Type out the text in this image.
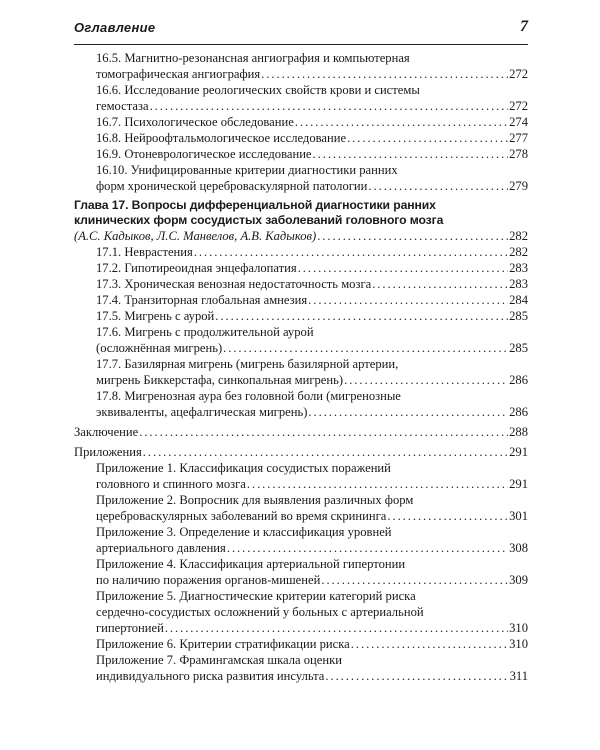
Оглавление	7
16.5. Магнитно-резонансная ангиография и компьютерная
томографическая ангиография . . .	272
16.6. Исследование реологических свойств крови и системы
гемостаза . . .	272
16.7. Психологическое обследование . . .	274
16.8. Нейроофтальмологическое исследование . . .	277
16.9. Отоневрологическое исследование . . .	278
16.10. Унифицированные критерии диагностики ранних
форм хронической цереброваскулярной патологии . . .	279
Глава 17. Вопросы дифференциальной диагностики ранних
клинических форм сосудистых заболеваний головного мозга
(А.С. Кадыков, Л.С. Манвелов, А.В. Кадыков) . . .	282
17.1. Неврастения . . .	282
17.2. Гипотиреоидная энцефалопатия . . .	283
17.3. Хроническая венозная недостаточность мозга . . .	283
17.4. Транзиторная глобальная амнезия . . .	284
17.5. Мигрень с аурой . . .	285
17.6. Мигрень с продолжительной аурой
(осложнённая мигрень) . . .	285
17.7. Базилярная мигрень (мигрень базилярной артерии,
мигрень Биккерстафа, синкопальная мигрень) . . .	286
17.8. Мигренозная аура без головной боли (мигренозные
эквиваленты, ацефалгическая мигрень) . . .	286
Заключение . . .	288
Приложения . . .	291
Приложение 1. Классификация сосудистых поражений
головного и спинного мозга . . .	291
Приложение 2. Вопросник для выявления различных форм
цереброваскулярных заболеваний во время скрининга . . .	301
Приложение 3. Определение и классификация уровней
артериального давления . . .	308
Приложение 4. Классификация артериальной гипертонии
по наличию поражения органов-мишеней . . .	309
Приложение 5. Диагностические критерии категорий риска
сердечно-сосудистых осложнений у больных с артериальной
гипертонией . . .	310
Приложение 6. Критерии стратификации риска . . .	310
Приложение 7. Фрамингамская шкала оценки
индивидуального риска развития инсульта . . .	311
